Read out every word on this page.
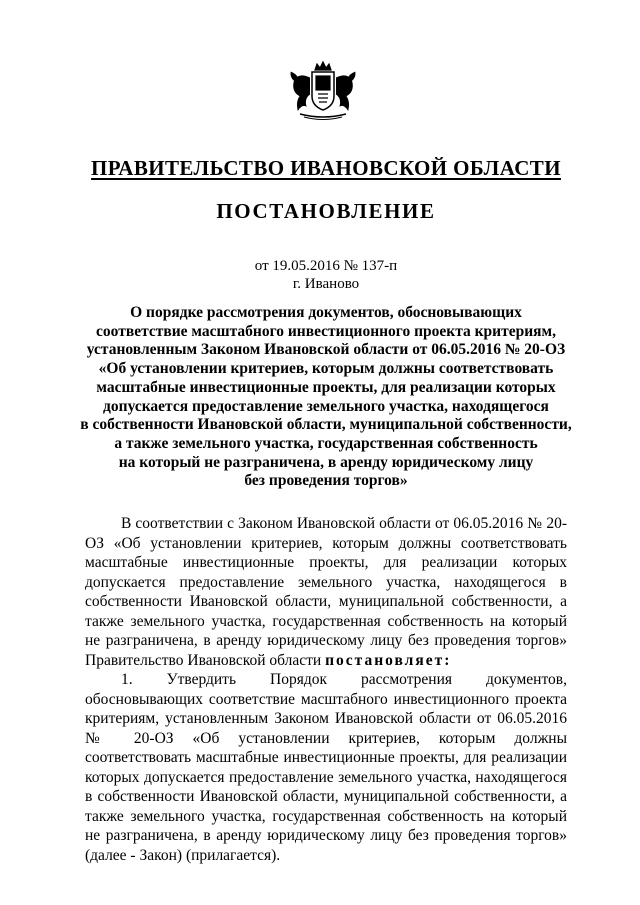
ПРАВИТЕЛЬСТВО ИВАНОВСКОЙ ОБЛАСТИ
ПОСТАНОВЛЕНИЕ
от 19.05.2016 № 137-п
г. Иваново
О порядке рассмотрения документов, обосновывающих
соответствие масштабного инвестиционного проекта критериям,
установленным Законом Ивановской области от 06.05.2016 № 20-ОЗ
«Об установлении критериев, которым должны соответствовать
масштабные инвестиционные проекты, для реализации которых
допускается предоставление земельного участка, находящегося
в собственности Ивановской области, муниципальной собственности,
а также земельного участка, государственная собственность
на который не разграничена, в аренду юридическому лицу
без проведения торгов»

В соответствии с Законом Ивановской области от 06.05.2016 № 20-ОЗ «Об установлении критериев, которым должны соответствовать масштабные инвестиционные проекты, для реализации которых допускается предоставление земельного участка, находящегося в собственности Ивановской области, муниципальной собственности, а также земельного участка, государственная собственность на который не разграничена, в аренду юридическому лицу без проведения торгов» Правительство Ивановской области постановляет:

1. Утвердить Порядок рассмотрения документов, обосновывающих соответствие масштабного инвестиционного проекта критериям, установленным Законом Ивановской области от 06.05.2016 № 20-ОЗ «Об установлении критериев, которым должны соответствовать масштабные инвестиционные проекты, для реализации которых допускается предоставление земельного участка, находящегося в собственности Ивановской области, муниципальной собственности, а также земельного участка, государственная собственность на который не разграничена, в аренду юридическому лицу без проведения торгов» (далее - Закон) (прилагается).
